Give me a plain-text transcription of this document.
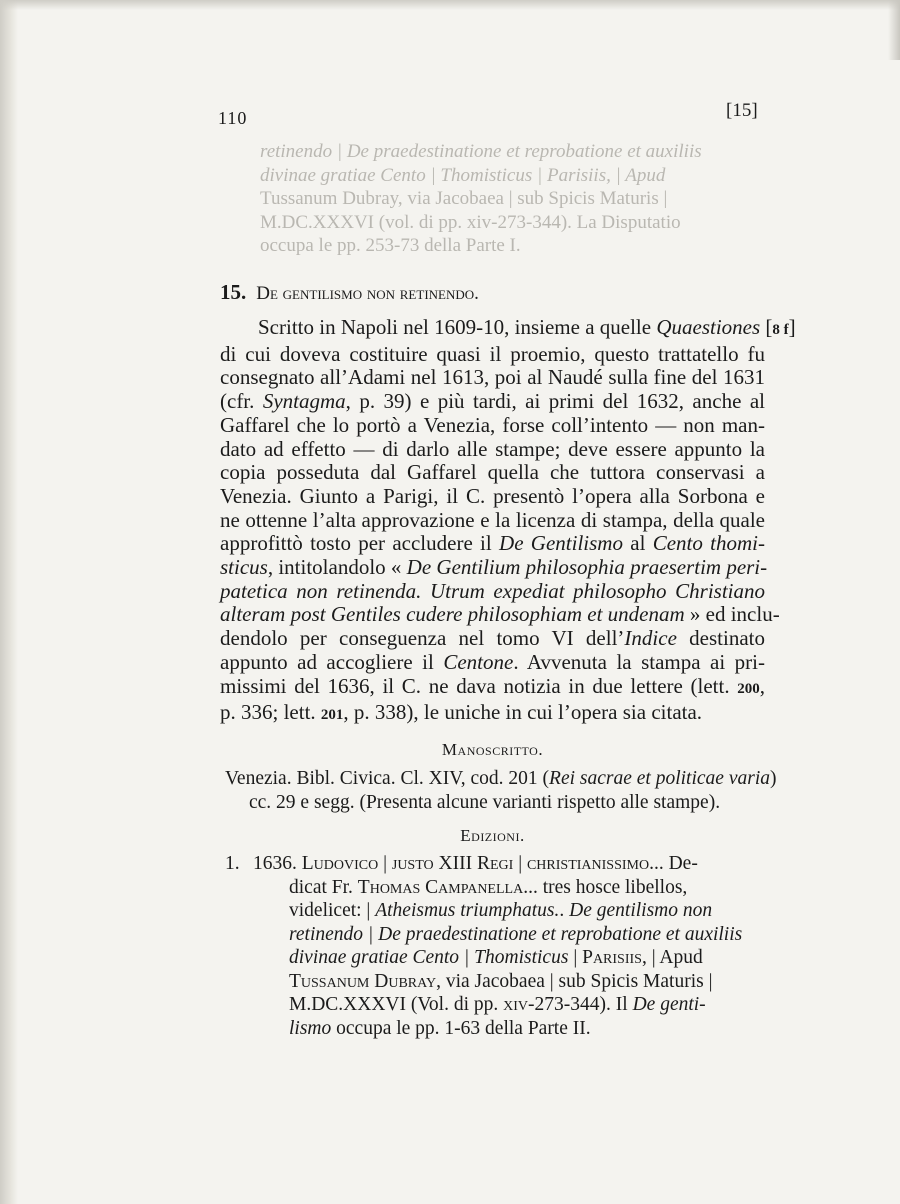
110	[15]
retinendo | De praedestinatione et reprobatione et auxiliis
divinae gratiae Cento | Thomisticus | Parisiis, | Apud
Tussanum Dubray, via Jacobaea | sub Spicis Maturis |
M.DC.XXXVI (vol. di pp. xiv-273-344). La Disputatio
occupa le pp. 253-73 della Parte I.
15. De gentilismo non retinendo.
Scritto in Napoli nel 1609-10, insieme a quelle Quaestiones [8 f]
di cui doveva costituire quasi il proemio, questo trattatello fu
consegnato all’Adami nel 1613, poi al Naudé sulla fine del 1631
(cfr. Syntagma, p. 39) e più tardi, ai primi del 1632, anche al
Gaffarel che lo portò a Venezia, forse coll’intento — non man-
dato ad effetto — di darlo alle stampe; deve essere appunto la
copia posseduta dal Gaffarel quella che tuttora conservasi a
Venezia. Giunto a Parigi, il C. presentò l’opera alla Sorbona e
ne ottenne l’alta approvazione e la licenza di stampa, della quale
approfittò tosto per accludere il De Gentilismo al Cento thomi-
sticus, intitolandolo « De Gentilium philosophia praesertim peri-
patetica non retinenda. Utrum expediat philosopho Christiano
alteram post Gentiles cudere philosophiam et undenam » ed inclu-
dendolo per conseguenza nel tomo VI dell’Indice destinato
appunto ad accogliere il Centone. Avvenuta la stampa ai pri-
missimi del 1636, il C. ne dava notizia in due lettere (lett. 200,
p. 336; lett. 201, p. 338), le uniche in cui l’opera sia citata.
Manoscritto.
Venezia. Bibl. Civica. Cl. XIV, cod. 201 (Rei sacrae et politicae varia)
cc. 29 e segg. (Presenta alcune varianti rispetto alle stampe).
Edizioni.
1. 1636. Ludovico | justo XIII Regi | christianissimo... De-
dicat Fr. Thomas Campanella... tres hosce libellos,
videlicet: | Atheismus triumphatus.. De gentilismo non
retinendo | De praedestinatione et reprobatione et auxiliis
divinae gratiae Cento | Thomisticus | Parisiis, | Apud
Tussanum Dubray, via Jacobaea | sub Spicis Maturis |
M.DC.XXXVI (Vol. di pp. xiv-273-344). Il De genti-
lismo occupa le pp. 1-63 della Parte II.
